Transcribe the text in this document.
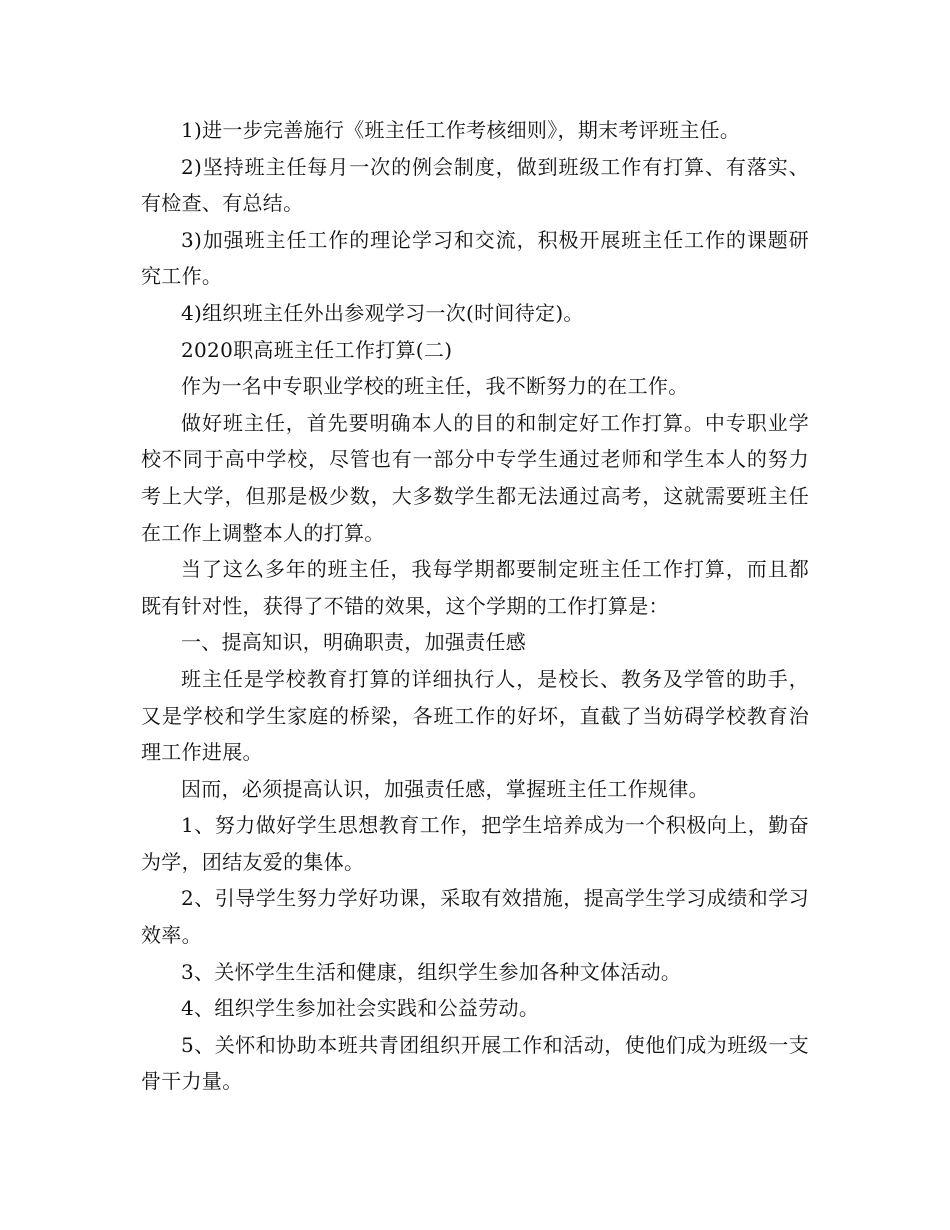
1)进一步完善施行《班主任工作考核细则》，期末考评班主任。

2)坚持班主任每月一次的例会制度，做到班级工作有打算、有落实、有检查、有总结。

3)加强班主任工作的理论学习和交流，积极开展班主任工作的课题研究工作。

4)组织班主任外出参观学习一次(时间待定)。

2020职高班主任工作打算(二)

作为一名中专职业学校的班主任，我不断努力的在工作。

做好班主任，首先要明确本人的目的和制定好工作打算。中专职业学校不同于高中学校，尽管也有一部分中专学生通过老师和学生本人的努力考上大学，但那是极少数，大多数学生都无法通过高考，这就需要班主任在工作上调整本人的打算。

当了这么多年的班主任，我每学期都要制定班主任工作打算，而且都既有针对性，获得了不错的效果，这个学期的工作打算是：

一、提高知识，明确职责，加强责任感

班主任是学校教育打算的详细执行人，是校长、教务及学管的助手，又是学校和学生家庭的桥梁，各班工作的好坏，直截了当妨碍学校教育治理工作进展。

因而，必须提高认识，加强责任感，掌握班主任工作规律。

1、努力做好学生思想教育工作，把学生培养成为一个积极向上，勤奋为学，团结友爱的集体。

2、引导学生努力学好功课，采取有效措施，提高学生学习成绩和学习效率。

3、关怀学生生活和健康，组织学生参加各种文体活动。

4、组织学生参加社会实践和公益劳动。

5、关怀和协助本班共青团组织开展工作和活动，使他们成为班级一支骨干力量。
